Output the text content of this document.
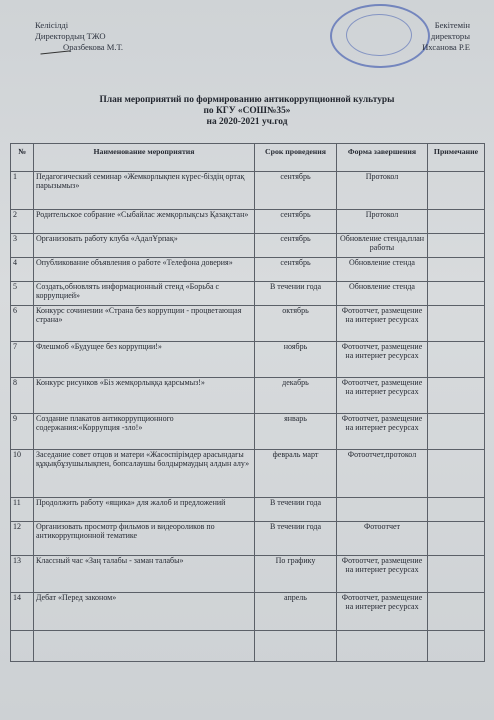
Келісілді
Директордың ТЖО
Оразбекова М.Т.
Бекітемін
директоры
Ихсанова Р.Е
План мероприятий по формированию антикоррупционной культуры
по КГУ «СОШ№35»
на 2020-2021 уч.год
№	Наименование мероприятия	Срок проведения	Форма завершения	Примечание
1	Педагогический семинар «Жемкорлықпен күрес-біздің ортақ парызымыз»	сентябрь	Протокол	
2	Родительское собрание «Сыбайлас жемқорлықсыз Қазақстан»	сентябрь	Протокол	
3	Организовать работу клуба «АдалҰрпақ»	сентябрь	Обновление стенда,план работы	
4	Опубликование объявления о работе «Телефона доверия»	сентябрь	Обновление стенда	
5	Создать,обновлять информационный стенд «Борьба с коррупцией»	В течении года	Обновление стенда	
6	Конкурс сочинении «Страна без коррупции - процветающая страна»	октябрь	Фотоотчет, размещение на интернет ресурсах	
7	Флешмоб «Будущее без коррупции!»	ноябрь	Фотоотчет, размещение на интернет ресурсах	
8	Конкурс рисунков «Біз жемқорлыққа қарсымыз!»	декабрь	Фотоотчет, размещение на интернет ресурсах	
9	Создание плакатов антикоррупционного содержания:«Коррупция -зло!»	январь	Фотоотчет, размещение на интернет ресурсах	
10	Заседание совет отцов и матери «Жасөспірімдер арасындағы құқықбұзушылықпен, бопсалаушы болдырмаудың алдын алу»	февраль март	Фотоотчет,протокол	
11	Продолжить работу «ящика» для жалоб и предложений	В течении года		
12	Организовать просмотр фильмов и видеороликов по антикоррупционной тематике	В течении года	Фотоотчет	
13	Классный час «Заң талабы - заман талабы»	По графику	Фотоотчет, размещение на интернет ресурсах	
14	Дебат «Перед законом»	апрель	Фотоотчет, размещение на интернет ресурсах	
